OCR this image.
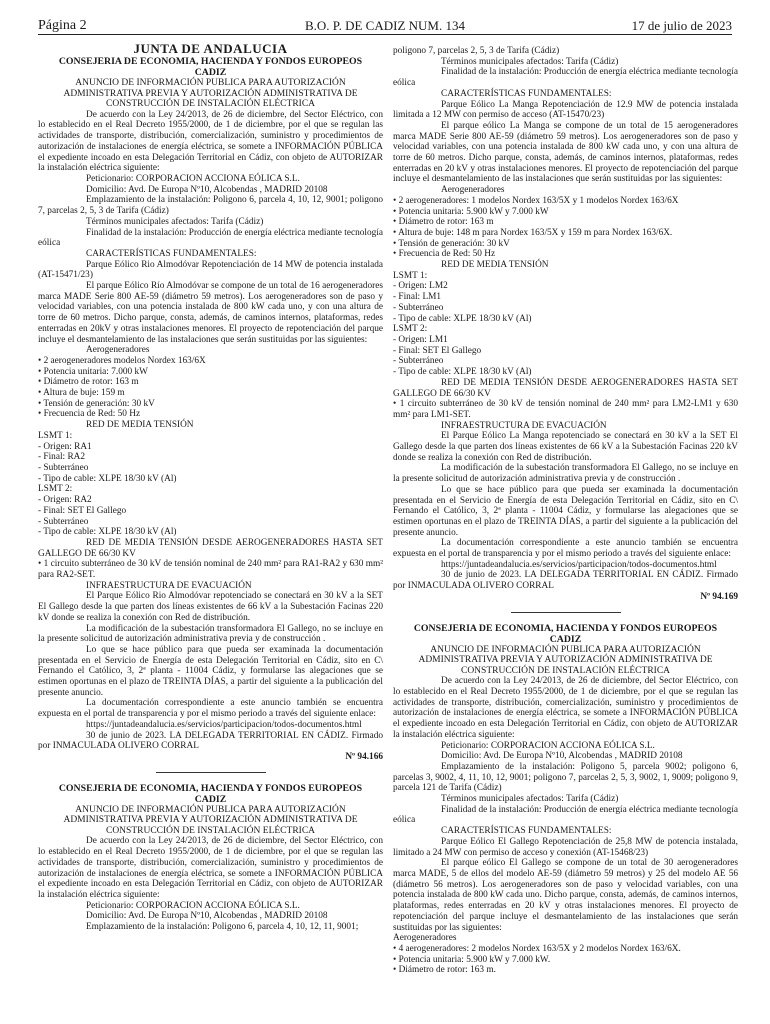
Página 2	B.O. P. DE CADIZ NUM. 134	17 de julio de 2023

JUNTA DE ANDALUCIA

CONSEJERIA DE ECONOMIA, HACIENDA Y FONDOS EUROPEOS

CADIZ

ANUNCIO DE INFORMACIÓN PUBLICA PARA AUTORIZACIÓN ADMINISTRATIVA PREVIA Y AUTORIZACIÓN ADMINISTRATIVA DE CONSTRUCCIÓN DE INSTALACIÓN ELÉCTRICA

De acuerdo con la Ley 24/2013, de 26 de diciembre, del Sector Eléctrico, con lo establecido en el Real Decreto 1955/2000, de 1 de diciembre, por el que se regulan las actividades de transporte, distribución, comercialización, suministro y procedimientos de autorización de instalaciones de energía eléctrica, se somete a INFORMACIÓN PÚBLICA el expediente incoado en esta Delegación Territorial en Cádiz, con objeto de AUTORIZAR la instalación eléctrica siguiente:

Peticionario: CORPORACION ACCIONA EÓLICA S.L.

Domicilio: Avd. De Europa Nº10, Alcobendas , MADRID 20108

Emplazamiento de la instalación: Poligono 6, parcela 4, 10, 12, 9001; poligono 7, parcelas 2, 5, 3 de Tarifa (Cádiz)

Términos municipales afectados: Tarifa (Cádiz)

Finalidad de la instalación: Producción de energía eléctrica mediante tecnología eólica

CARACTERÍSTICAS FUNDAMENTALES:

Parque Eólico Rio Almodóvar Repotenciación de 14 MW de potencia instalada (AT-15471/23)

El parque Eólico Río Almodóvar se compone de un total de 16 aerogeneradores marca MADE Serie 800 AE-59 (diámetro 59 metros). Los aerogeneradores son de paso y velocidad variables, con una potencia instalada de 800 kW cada uno, y con una altura de torre de 60 metros. Dicho parque, consta, además, de caminos internos, plataformas, redes enterradas en 20kV y otras instalaciones menores. El proyecto de repotenciación del parque incluye el desmantelamiento de las instalaciones que serán sustituidas por las siguientes:

Aerogeneradores

• 2 aerogeneradores modelos Nordex 163/6X

• Potencia unitaria: 7.000 kW

• Diámetro de rotor: 163 m

• Altura de buje: 159 m

• Tensión de generación: 30 kV

• Frecuencia de Red: 50 Hz

RED DE MEDIA TENSIÓN

LSMT 1:

- Origen: RA1

- Final: RA2

- Subterráneo

- Tipo de cable: XLPE 18/30 kV (Al)

LSMT 2:

- Origen: RA2

- Final: SET El Gallego

- Subterráneo

- Tipo de cable: XLPE 18/30 kV (Al)

RED DE MEDIA TENSIÓN DESDE AEROGENERADORES HASTA SET GALLEGO DE 66/30 KV

• 1 circuito subterráneo de 30 kV de tensión nominal de 240 mm² para RA1-RA2 y 630 mm² para RA2-SET.

INFRAESTRUCTURA DE EVACUACIÓN

El Parque Eólico Rio Almodóvar repotenciado se conectará en 30 kV a la SET El Gallego desde la que parten dos líneas existentes de 66 kV a la Subestación Facinas 220 kV donde se realiza la conexión con Red de distribución.

La modificación de la subestación transformadora El Gallego, no se incluye en la presente solicitud de autorización administrativa previa y de construcción .

Lo que se hace público para que pueda ser examinada la documentación presentada en el Servicio de Energía de esta Delegación Territorial en Cádiz, sito en C\ Fernando el Católico, 3, 2ª planta - 11004 Cádiz, y formularse las alegaciones que se estimen oportunas en el plazo de TREINTA DÍAS, a partir del siguiente a la publicación del presente anuncio.

La documentación correspondiente a este anuncio también se encuentra expuesta en el portal de transparencia y por el mismo periodo a través del siguiente enlace:

https://juntadeandalucia.es/servicios/participacion/todos-documentos.html

30 de junio de 2023. LA DELEGADA TERRITORIAL EN CÁDIZ. Firmado por INMACULADA OLIVERO CORRAL

Nº 94.166

CONSEJERIA DE ECONOMIA, HACIENDA Y FONDOS EUROPEOS

CADIZ

ANUNCIO DE INFORMACIÓN PUBLICA PARA AUTORIZACIÓN ADMINISTRATIVA PREVIA Y AUTORIZACIÓN ADMINISTRATIVA DE CONSTRUCCIÓN DE INSTALACIÓN ELÉCTRICA

De acuerdo con la Ley 24/2013, de 26 de diciembre, del Sector Eléctrico, con lo establecido en el Real Decreto 1955/2000, de 1 de diciembre, por el que se regulan las actividades de transporte, distribución, comercialización, suministro y procedimientos de autorización de instalaciones de energía eléctrica, se somete a INFORMACIÓN PÚBLICA el expediente incoado en esta Delegación Territorial en Cádiz, con objeto de AUTORIZAR la instalación eléctrica siguiente:

Peticionario: CORPORACION ACCIONA EÓLICA S.L.

Domicilio: Avd. De Europa Nº10, Alcobendas , MADRID 20108

Emplazamiento de la instalación: Poligono 6, parcela 4, 10, 12, 11, 9001;

poligono 7, parcelas 2, 5, 3 de Tarifa (Cádiz)

Términos municipales afectados: Tarifa (Cádiz)

Finalidad de la instalación: Producción de energía eléctrica mediante tecnología eólica

CARACTERÍSTICAS FUNDAMENTALES:

Parque Eólico La Manga Repotenciación de 12.9 MW de potencia instalada limitada a 12 MW con permiso de acceso (AT-15470/23)

El parque eólico La Manga se compone de un total de 15 aerogeneradores marca MADE Serie 800 AE-59 (diámetro 59 metros). Los aerogeneradores son de paso y velocidad variables, con una potencia instalada de 800 kW cada uno, y con una altura de torre de 60 metros. Dicho parque, consta, además, de caminos internos, plataformas, redes enterradas en 20 kV y otras instalaciones menores. El proyecto de repotenciación del parque incluye el desmantelamiento de las instalaciones que serán sustituidas por las siguientes:

Aerogeneradores

• 2 aerogeneradores: 1 modelos Nordex 163/5X y 1 modelos Nordex 163/6X

• Potencia unitaria: 5.900 kW y 7.000 kW

• Diámetro de rotor: 163 m

• Altura de buje: 148 m para Nordex 163/5X y 159 m para Nordex 163/6X.

• Tensión de generación: 30 kV

• Frecuencia de Red: 50 Hz

RED DE MEDIA TENSIÓN

LSMT 1:

- Origen: LM2

- Final: LM1

- Subterráneo

- Tipo de cable: XLPE 18/30 kV (Al)

LSMT 2:

- Origen: LM1

- Final: SET El Gallego

- Subterráneo

- Tipo de cable: XLPE 18/30 kV (Al)

RED DE MEDIA TENSIÓN DESDE AEROGENERADORES HASTA SET GALLEGO DE 66/30 KV

• 1 circuito subterráneo de 30 kV de tensión nominal de 240 mm² para LM2-LM1 y 630 mm² para LM1-SET.

INFRAESTRUCTURA DE EVACUACIÓN

El Parque Eólico La Manga repotenciado se conectará en 30 kV a la SET El Gallego desde la que parten dos líneas existentes de 66 kV a la Subestación Facinas 220 kV donde se realiza la conexión con Red de distribución.

La modificación de la subestación transformadora El Gallego, no se incluye en la presente solicitud de autorización administrativa previa y de construcción .

Lo que se hace público para que pueda ser examinada la documentación presentada en el Servicio de Energía de esta Delegación Territorial en Cádiz, sito en C\ Fernando el Católico, 3, 2ª planta - 11004 Cádiz, y formularse las alegaciones que se estimen oportunas en el plazo de TREINTA DÍAS, a partir del siguiente a la publicación del presente anuncio.

La documentación correspondiente a este anuncio también se encuentra expuesta en el portal de transparencia y por el mismo periodo a través del siguiente enlace:

https://juntadeandalucia.es/servicios/participacion/todos-documentos.html

30 de junio de 2023. LA DELEGADA TERRITORIAL EN CÁDIZ. Firmado por INMACULADA OLIVERO CORRAL

Nº 94.169

CONSEJERIA DE ECONOMIA, HACIENDA Y FONDOS EUROPEOS

CADIZ

ANUNCIO DE INFORMACIÓN PUBLICA PARA AUTORIZACIÓN ADMINISTRATIVA PREVIA Y AUTORIZACIÓN ADMINISTRATIVA DE CONSTRUCCIÓN DE INSTALACIÓN ELÉCTRICA

De acuerdo con la Ley 24/2013, de 26 de diciembre, del Sector Eléctrico, con lo establecido en el Real Decreto 1955/2000, de 1 de diciembre, por el que se regulan las actividades de transporte, distribución, comercialización, suministro y procedimientos de autorización de instalaciones de energía eléctrica, se somete a INFORMACIÓN PÚBLICA el expediente incoado en esta Delegación Territorial en Cádiz, con objeto de AUTORIZAR la instalación eléctrica siguiente:

Peticionario: CORPORACION ACCIONA EÓLICA S.L.

Domicilio: Avd. De Europa Nº10, Alcobendas , MADRID 20108

Emplazamiento de la instalación: Poligono 5, parcela 9002; poligono 6, parcelas 3, 9002, 4, 11, 10, 12, 9001; poligono 7, parcelas 2, 5, 3, 9002, 1, 9009; poligono 9, parcela 121 de Tarifa (Cádiz)

Términos municipales afectados: Tarifa (Cádiz)

Finalidad de la instalación: Producción de energía eléctrica mediante tecnología eólica

CARACTERÍSTICAS FUNDAMENTALES:

Parque Eólico El Gallego Repotenciación de 25,8 MW de potencia instalada, limitado a 24 MW con permiso de acceso y conexión (AT-15468/23)

El parque eólico El Gallego se compone de un total de 30 aerogeneradores marca MADE, 5 de ellos del modelo AE-59 (diámetro 59 metros) y 25 del modelo AE 56 (diámetro 56 metros). Los aerogeneradores son de paso y velocidad variables, con una potencia instalada de 800 kW cada uno. Dicho parque, consta, además, de caminos internos, plataformas, redes enterradas en 20 kV y otras instalaciones menores. El proyecto de repotenciación del parque incluye el desmantelamiento de las instalaciones que serán sustituidas por las siguientes:

Aerogeneradores

• 4 aerogeneradores: 2 modelos Nordex 163/5X y 2 modelos Nordex 163/6X.

• Potencia unitaria: 5.900 kW y 7.000 kW.

• Diámetro de rotor: 163 m.
